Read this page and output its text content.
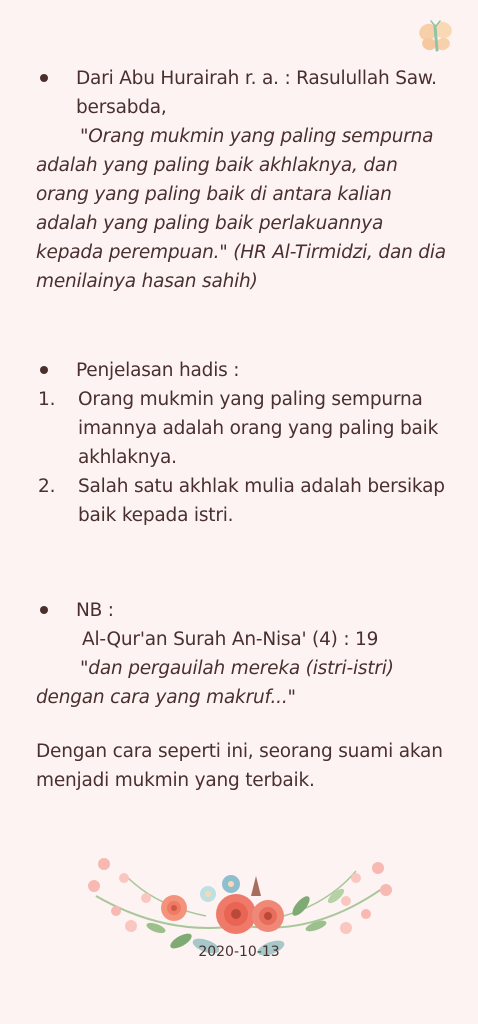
Dari Abu Hurairah r. a. : Rasulullah Saw. bersabda,
"Orang mukmin yang paling sempurna adalah yang paling baik akhlaknya, dan orang yang paling baik di antara kalian adalah yang paling baik perlakuannya kepada perempuan." (HR Al-Tirmidzi, dan dia menilainya hasan sahih)
Penjelasan hadis :
1.	Orang mukmin yang paling sempurna imannya adalah orang yang paling baik akhlaknya.
2.	Salah satu akhlak mulia adalah bersikap baik kepada istri.
NB :
Al-Qur'an Surah An-Nisa' (4) : 19
"dan pergauilah mereka (istri-istri) dengan cara yang makruf..."
Dengan cara seperti ini, seorang suami akan menjadi mukmin yang terbaik.
2020-10-13
